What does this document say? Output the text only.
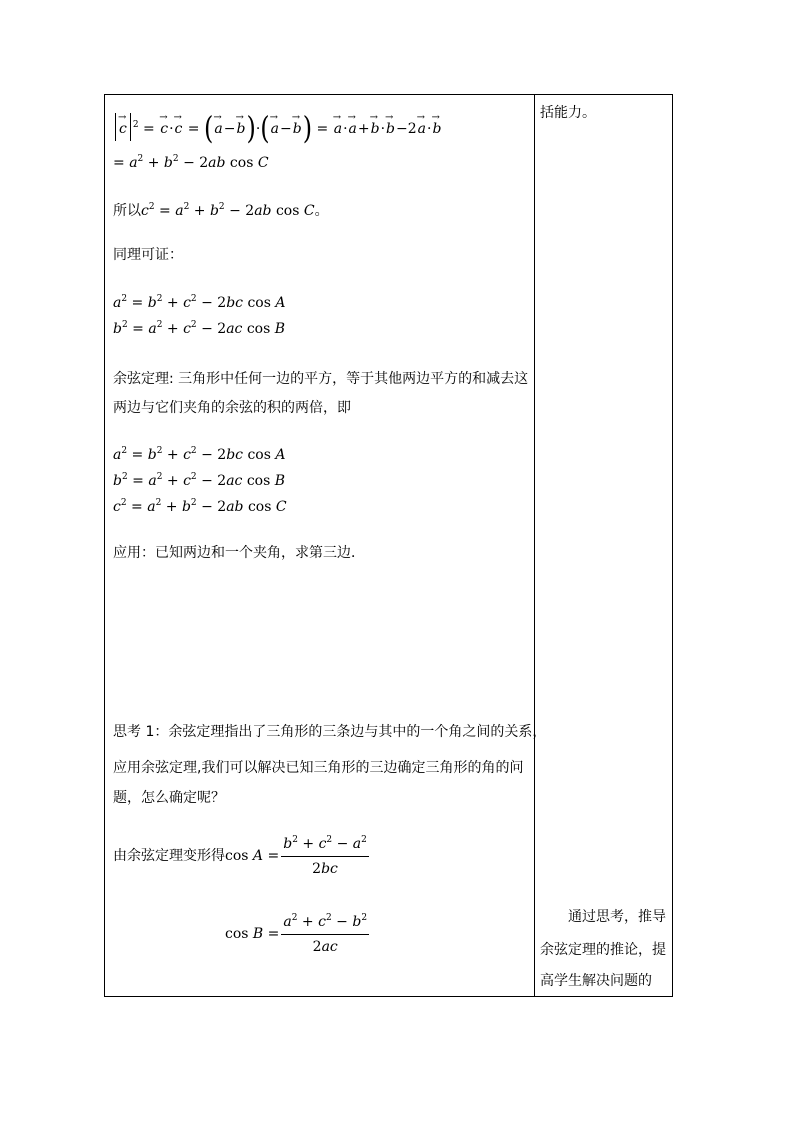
→ c $^2$ = → c·→ c = (→ a−→ b)·(→ a−→ b) = → a·→ a+→ b·→ b−2→ a·→ b
= $a^2 + b^2 - 2ab$ cos C
所以$c^2 = a^2 + b^2 - 2ab$ cos C。
同理可证：
$a^2 = b^2 + c^2 - 2bc$ cos A
$b^2 = a^2 + c^2 - 2ac$ cos B
余弦定理: 三角形中任何一边的平方，等于其他两边平方的和减去这
两边与它们夹角的余弦的积的两倍，即
$a^2 = b^2 + c^2 - 2bc$ cos A
$b^2 = a^2 + c^2 - 2ac$ cos B
$c^2 = a^2 + b^2 - 2ab$ cos C
应用：已知两边和一个夹角，求第三边．
思考 1：余弦定理指出了三角形的三条边与其中的一个角之间的关系，
应用余弦定理,我们可以解决已知三角形的三边确定三角形的角的问
题，怎么确定呢？
由余弦定理变形得 $\cos A = \frac{b^2 + c^2 - a^2}{2bc}$
$\cos B = \frac{a^2 + c^2 - b^2}{2ac}$
括能力。
通过思考，推导
余弦定理的推论，提
高学生解决问题的
